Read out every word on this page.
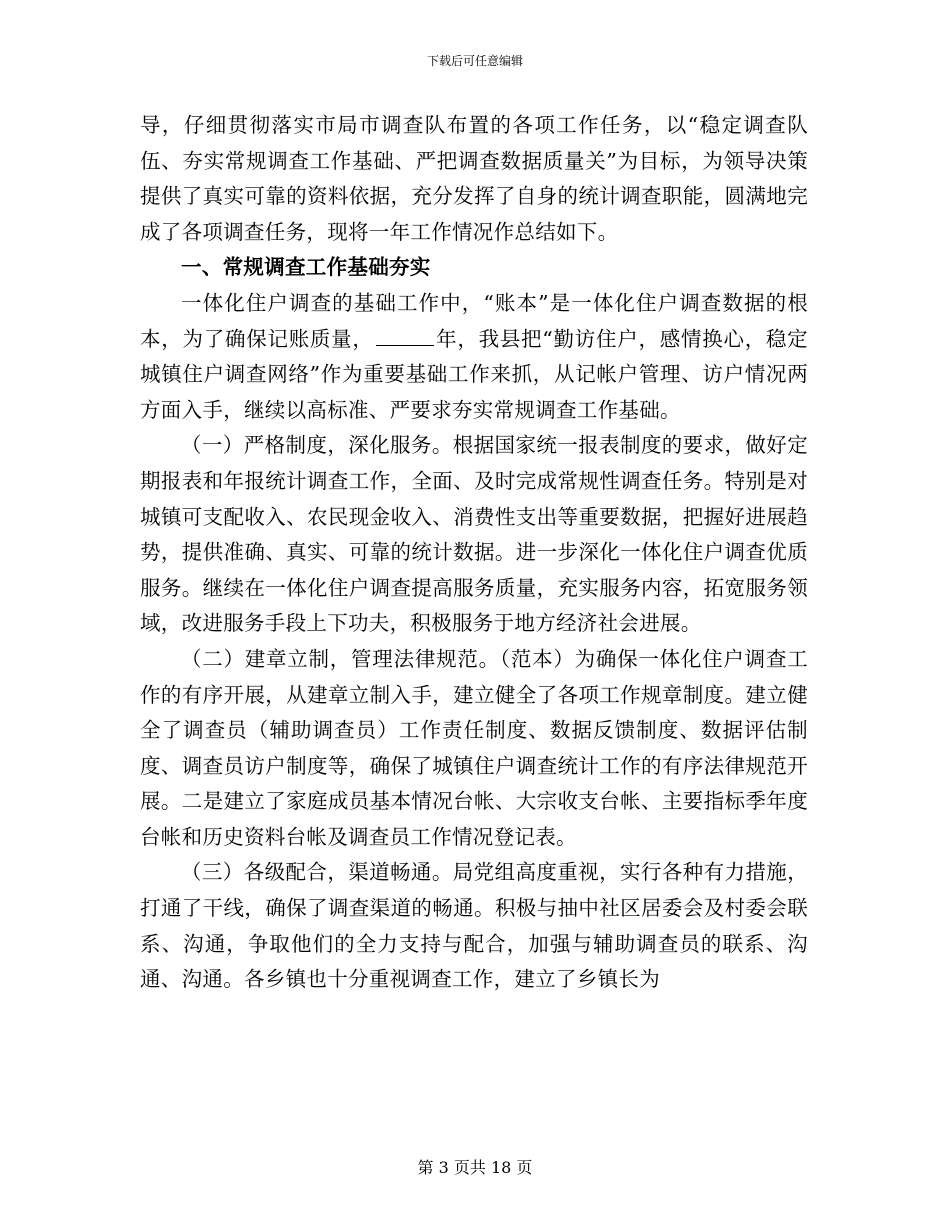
下载后可任意编辑

导，仔细贯彻落实市局市调查队布置的各项工作任务，以“稳定调查队伍、夯实常规调查工作基础、严把调查数据质量关”为目标，为领导决策提供了真实可靠的资料依据，充分发挥了自身的统计调查职能，圆满地完成了各项调查任务，现将一年工作情况作总结如下。

一、常规调查工作基础夯实

一体化住户调查的基础工作中，“账本”是一体化住户调查数据的根本，为了确保记账质量，	年，我县把“勤访住户，感情换心，稳定城镇住户调查网络”作为重要基础工作来抓，从记帐户管理、访户情况两方面入手，继续以高标准、严要求夯实常规调查工作基础。

（一）严格制度，深化服务。根据国家统一报表制度的要求，做好定期报表和年报统计调查工作，全面、及时完成常规性调查任务。特别是对城镇可支配收入、农民现金收入、消费性支出等重要数据，把握好进展趋势，提供准确、真实、可靠的统计数据。进一步深化一体化住户调查优质服务。继续在一体化住户调查提高服务质量，充实服务内容，拓宽服务领域，改进服务手段上下功夫，积极服务于地方经济社会进展。

（二）建章立制，管理法律规范。（范本）为确保一体化住户调查工作的有序开展，从建章立制入手，建立健全了各项工作规章制度。建立健全了调查员（辅助调查员）工作责任制度、数据反馈制度、数据评估制度、调查员访户制度等，确保了城镇住户调查统计工作的有序法律规范开展。二是建立了家庭成员基本情况台帐、大宗收支台帐、主要指标季年度台帐和历史资料台帐及调查员工作情况登记表。

（三）各级配合，渠道畅通。局党组高度重视，实行各种有力措施，打通了干线，确保了调查渠道的畅通。积极与抽中社区居委会及村委会联系、沟通，争取他们的全力支持与配合，加强与辅助调查员的联系、沟通、沟通。各乡镇也十分重视调查工作，建立了乡镇长为

第 3 页共 18 页
